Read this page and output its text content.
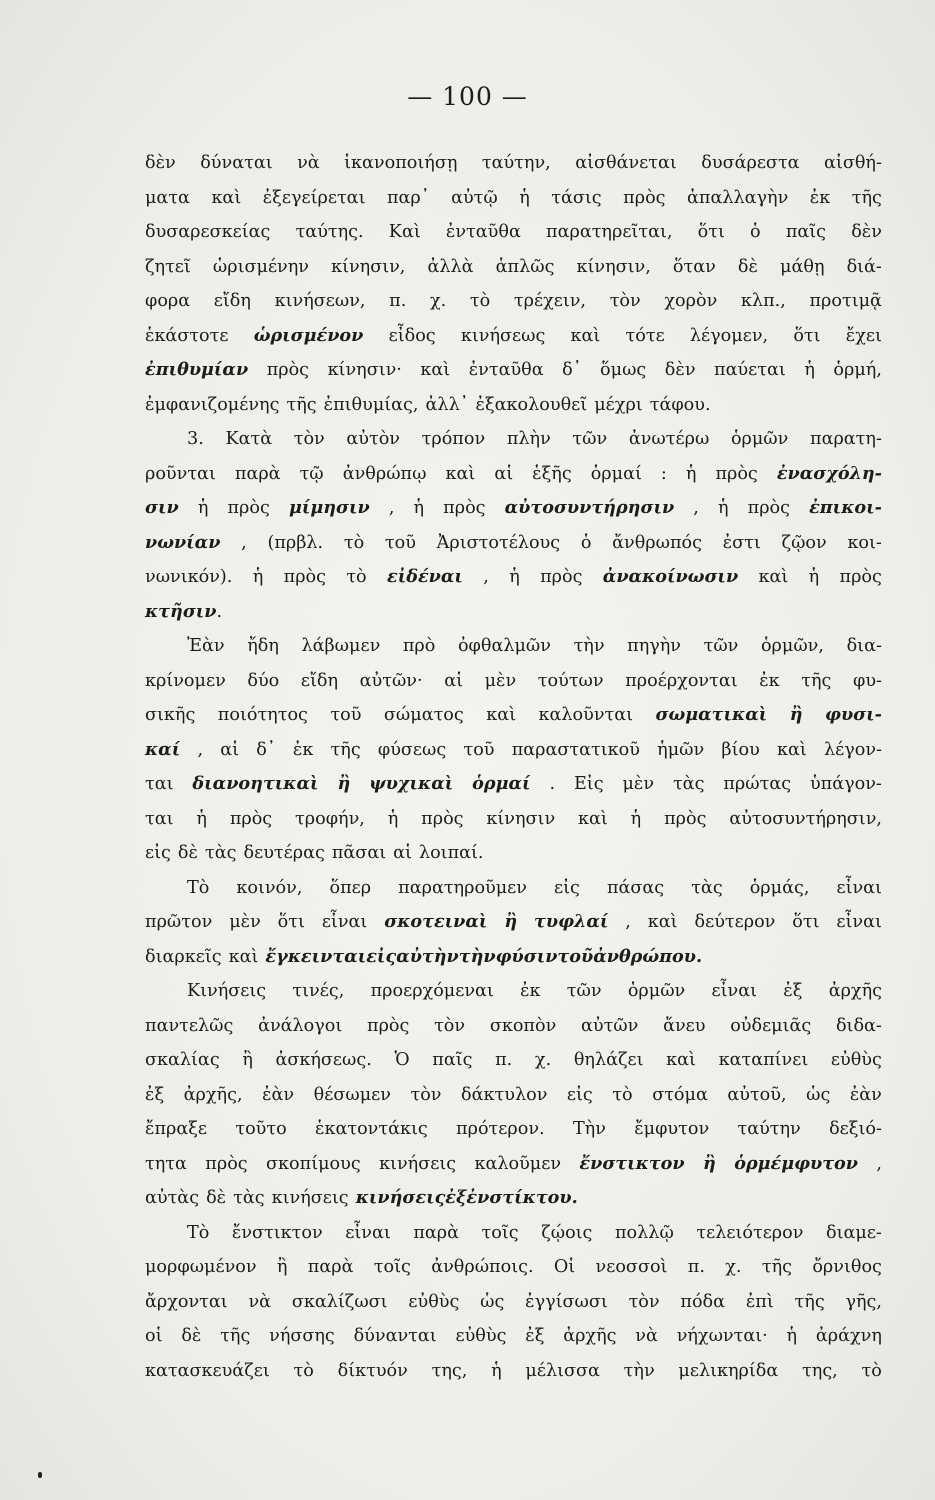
— 100 —
δὲν δύναται νὰ ἱκανοποιήσῃ ταύτην, αἰσθάνεται δυσάρεστα αἰσθή-
ματα καὶ ἐξεγείρεται παρ᾽ αὐτῷ ἡ τάσις πρὸς ἀπαλλαγὴν ἐκ τῆς
δυσαρεσκείας ταύτης. Καὶ ἐνταῦθα παρατηρεῖται, ὅτι ὁ παῖς δὲν
ζητεῖ ὡρισμένην κίνησιν, ἀλλὰ ἁπλῶς κίνησιν, ὅταν δὲ μάθῃ διά-
φορα εἴδη κινήσεων, π. χ. τὸ τρέχειν, τὸν χορὸν κλπ., προτιμᾷ
ἑκάστοτε ὡρισμένον εἶδος κινήσεως καὶ τότε λέγομεν, ὅτι ἔχει
ἐπιθυμίαν πρὸς κίνησιν· καὶ ἐνταῦθα δ᾽ ὅμως δὲν παύεται ἡ ὁρμή,
ἐμφανιζομένης τῆς ἐπιθυμίας, ἀλλ᾽ ἐξακολουθεῖ μέχρι τάφου.
3. Κατὰ τὸν αὐτὸν τρόπον πλὴν τῶν ἀνωτέρω ὁρμῶν παρατη-
ροῦνται παρὰ τῷ ἀνθρώπῳ καὶ αἱ ἑξῆς ὁρμαί : ἡ πρὸς ἐνασχόλη-
σιν ἡ πρὸς μίμησιν , ἡ πρὸς αὐτοσυντήρησιν , ἡ πρὸς ἐπικοι-
νωνίαν , (πρβλ. τὸ τοῦ Ἀριστοτέλους ὁ ἄνθρωπός ἐστι ζῷον κοι-
νωνικόν). ἡ πρὸς τὸ εἰδέναι , ἡ πρὸς ἀνακοίνωσιν καὶ ἡ πρὸς
κτῆσιν .
Ἐὰν ἤδη λάβωμεν πρὸ ὀφθαλμῶν τὴν πηγὴν τῶν ὁρμῶν, δια-
κρίνομεν δύο εἴδη αὐτῶν· αἱ μὲν τούτων προέρχονται ἐκ τῆς φυ-
σικῆς ποιότητος τοῦ σώματος καὶ καλοῦνται σωματικαὶ ἢ φυσι-
καί , αἱ δ᾽ ἐκ τῆς φύσεως τοῦ παραστατικοῦ ἡμῶν βίου καὶ λέγον-
ται διανοητικαὶ ἢ ψυχικαὶ ὁρμαί . Εἰς μὲν τὰς πρώτας ὑπάγον-
ται ἡ πρὸς τροφήν, ἡ πρὸς κίνησιν καὶ ἡ πρὸς αὐτοσυντήρησιν,
εἰς δὲ τὰς δευτέρας πᾶσαι αἱ λοιπαί.
Τὸ κοινόν, ὅπερ παρατηροῦμεν εἰς πάσας τὰς ὁρμάς, εἶναι
πρῶτον μὲν ὅτι εἶναι σκοτειναὶ ἢ τυφλαί , καὶ δεύτερον ὅτι εἶναι
διαρκεῖς καὶ ἔγκεινται εἰς αὐτὴν τὴν φύσιν τοῦ ἀνθρώπου.
Κινήσεις τινές, προερχόμεναι ἐκ τῶν ὁρμῶν εἶναι ἐξ ἀρχῆς
παντελῶς ἀνάλογοι πρὸς τὸν σκοπὸν αὐτῶν ἄνευ οὐδεμιᾶς διδα-
σκαλίας ἢ ἀσκήσεως. Ὁ παῖς π. χ. θηλάζει καὶ καταπίνει εὐθὺς
ἐξ ἀρχῆς, ἐὰν θέσωμεν τὸν δάκτυλον εἰς τὸ στόμα αὐτοῦ, ὡς ἐὰν
ἔπραξε τοῦτο ἑκατοντάκις πρότερον. Τὴν ἔμφυτον ταύτην δεξιό-
τητα πρὸς σκοπίμους κινήσεις καλοῦμεν ἔνστικτον ἢ ὁρμέμφυτον ,
αὐτὰς δὲ τὰς κινήσεις κινήσεις ἐξ ἐνστίκτου.
Τὸ ἔνστικτον εἶναι παρὰ τοῖς ζῴοις πολλῷ τελειότερον διαμε-
μορφωμένον ἢ παρὰ τοῖς ἀνθρώποις. Οἱ νεοσσοὶ π. χ. τῆς ὄρνιθος
ἄρχονται νὰ σκαλίζωσι εὐθὺς ὡς ἐγγίσωσι τὸν πόδα ἐπὶ τῆς γῆς,
οἱ δὲ τῆς νήσσης δύνανται εὐθὺς ἐξ ἀρχῆς νὰ νήχωνται· ἡ ἀράχνη
κατασκευάζει τὸ δίκτυόν της, ἡ μέλισσα τὴν μελικηρίδα της, τὸ
